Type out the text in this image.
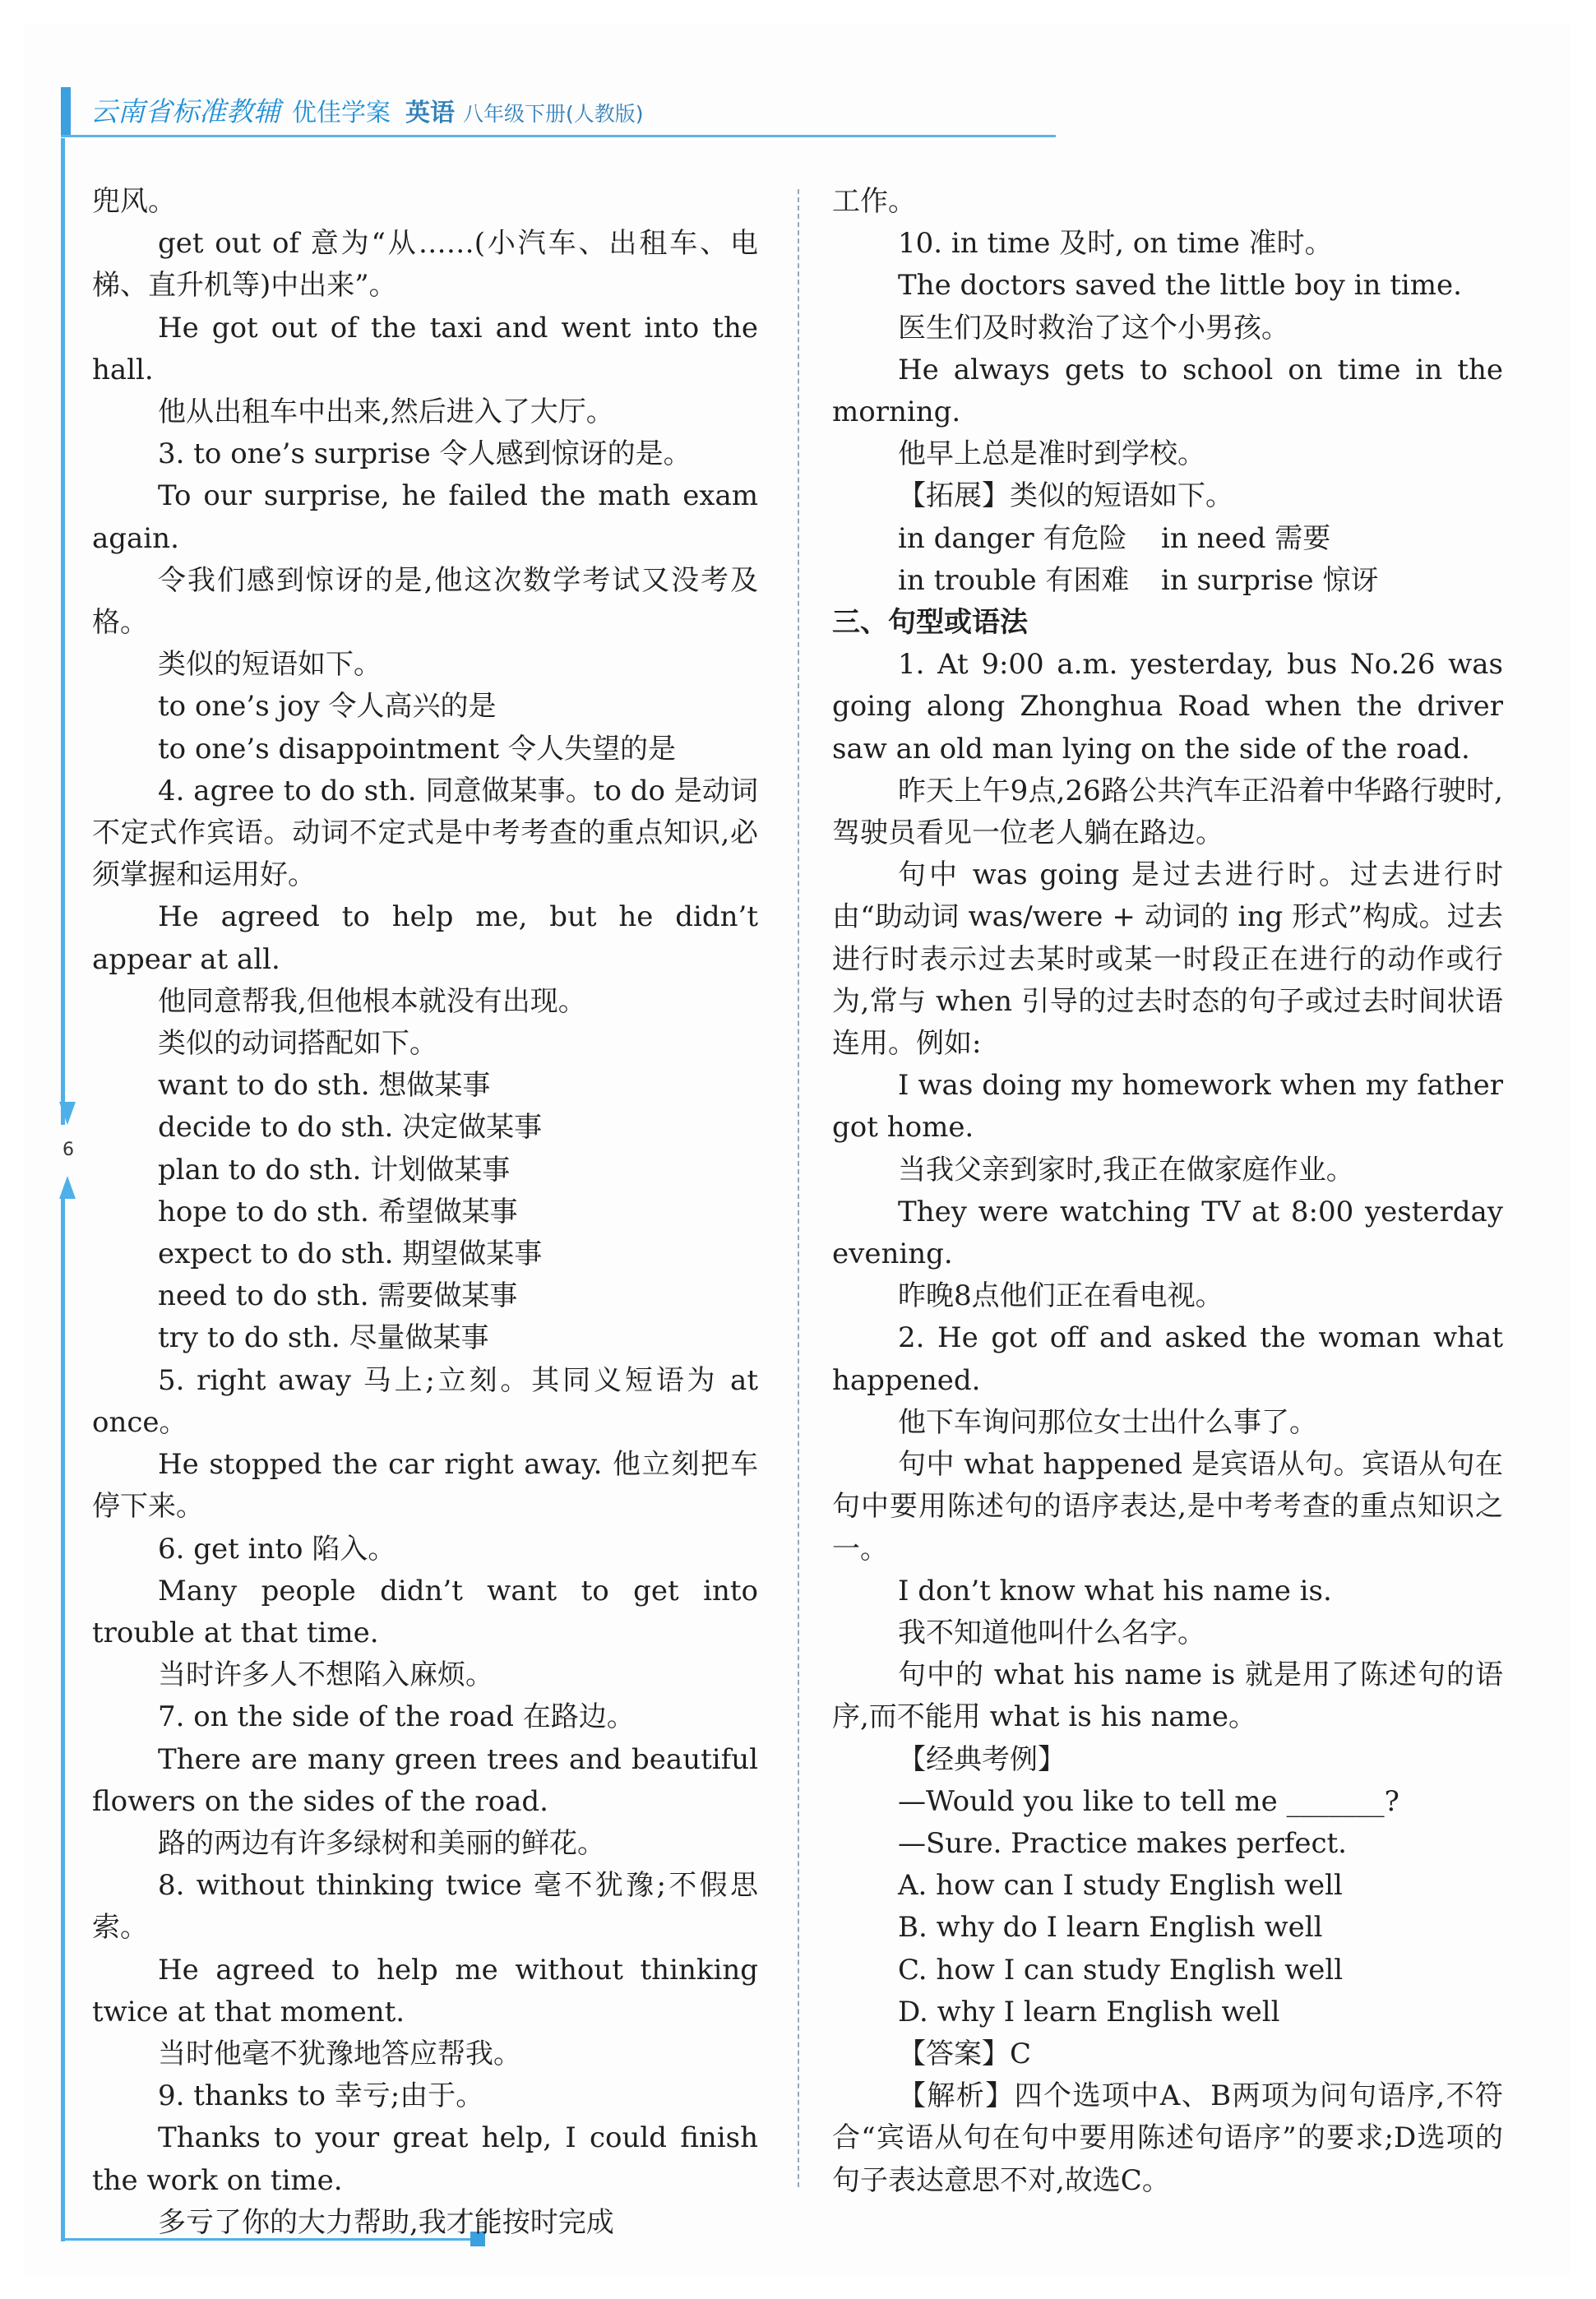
云南省标准教辅 优佳学案 英语 八年级下册(人教版)
6

兜风。

get out of 意为“从……(小汽车、出租车、电梯、直升机等)中出来”。

He got out of the taxi and went into the hall.

他从出租车中出来,然后进入了大厅。

3. to one’s surprise 令人感到惊讶的是。

To our surprise, he failed the math exam again.

令我们感到惊讶的是,他这次数学考试又没考及格。

类似的短语如下。

to one’s joy 令人高兴的是

to one’s disappointment 令人失望的是

4. agree to do sth. 同意做某事。to do 是动词不定式作宾语。动词不定式是中考考查的重点知识,必须掌握和运用好。

He agreed to help me, but he didn’t appear at all.

他同意帮我,但他根本就没有出现。

类似的动词搭配如下。

want to do sth. 想做某事

decide to do sth. 决定做某事

plan to do sth. 计划做某事

hope to do sth. 希望做某事

expect to do sth. 期望做某事

need to do sth. 需要做某事

try to do sth. 尽量做某事

5. right away 马上;立刻。其同义短语为 at once。

He stopped the car right away. 他立刻把车停下来。

6. get into 陷入。

Many people didn’t want to get into trouble at that time.

当时许多人不想陷入麻烦。

7. on the side of the road 在路边。

There are many green trees and beautiful flowers on the sides of the road.

路的两边有许多绿树和美丽的鲜花。

8. without thinking twice 毫不犹豫;不假思索。

He agreed to help me without thinking twice at that moment.

当时他毫不犹豫地答应帮我。

9. thanks to 幸亏;由于。

Thanks to your great help, I could finish the work on time.

多亏了你的大力帮助,我才能按时完成

工作。

10. in time 及时, on time 准时。

The doctors saved the little boy in time.

医生们及时救治了这个小男孩。

He always gets to school on time in the morning.

他早上总是准时到学校。

【拓展】类似的短语如下。

in danger 有危险	in need 需要
in trouble 有困难	in surprise 惊讶

三、句型或语法

1. At 9:00 a.m. yesterday, bus No.26 was going along Zhonghua Road when the driver saw an old man lying on the side of the road.

昨天上午9点,26路公共汽车正沿着中华路行驶时,驾驶员看见一位老人躺在路边。

句中 was going 是过去进行时。过去进行时由“助动词 was/were + 动词的 ing 形式”构成。过去进行时表示过去某时或某一时段正在进行的动作或行为,常与 when 引导的过去时态的句子或过去时间状语连用。例如:

I was doing my homework when my father got home.

当我父亲到家时,我正在做家庭作业。

They were watching TV at 8:00 yesterday evening.

昨晚8点他们正在看电视。

2. He got off and asked the woman what happened.

他下车询问那位女士出什么事了。

句中 what happened 是宾语从句。宾语从句在句中要用陈述句的语序表达,是中考考查的重点知识之一。

I don’t know what his name is.

我不知道他叫什么名字。

句中的 what his name is 就是用了陈述句的语序,而不能用 what is his name。

【经典考例】

—Would you like to tell me _______?

—Sure. Practice makes perfect.

A. how can I study English well

B. why do I learn English well

C. how I can study English well

D. why I learn English well

【答案】C

【解析】四个选项中A、B两项为问句语序,不符合“宾语从句在句中要用陈述句语序”的要求;D选项的句子表达意思不对,故选C。
